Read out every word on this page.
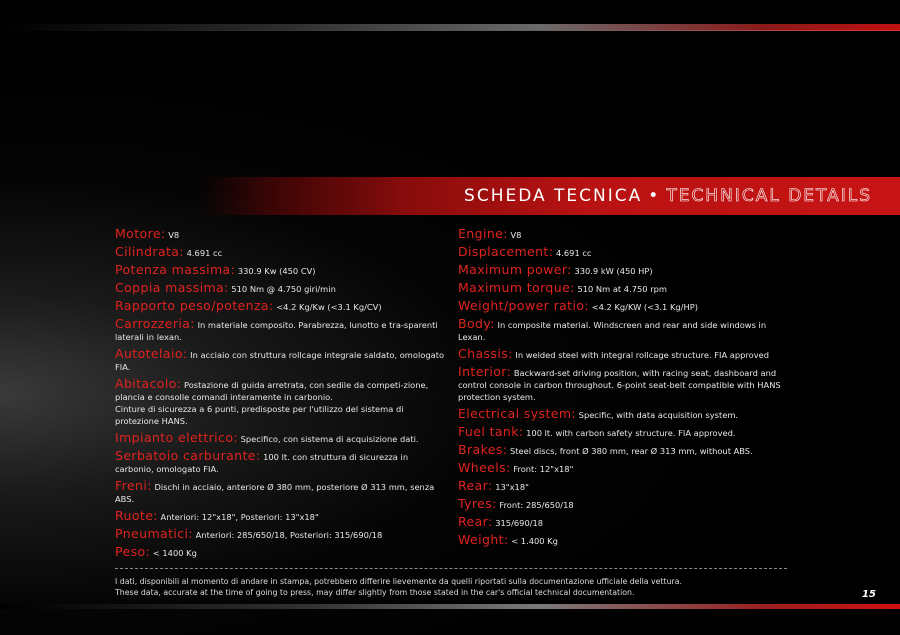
SCHEDA TECNICA • TECHNICAL DETAILS
Motore: V8
Cilindrata: 4.691 cc
Potenza massima: 330.9 Kw (450 CV)
Coppia massima: 510 Nm @ 4.750 giri/min
Rapporto peso/potenza: <4.2 Kg/Kw (<3.1 Kg/CV)
Carrozzeria: In materiale composito. Parabrezza, lunotto e tra-sparenti laterali in lexan.
Autotelaio: In acciaio con struttura rollcage integrale saldato, omologato FIA.
Abitacolo: Postazione di guida arretrata, con sedile da competi-zione, plancia e consolle comandi interamente in carbonio.
Cinture di sicurezza a 6 punti, predisposte per l'utilizzo del sistema di protezione HANS.
Impianto elettrico: Specifico, con sistema di acquisizione dati.
Serbatoio carburante: 100 lt. con struttura di sicurezza in carbonio, omologato FIA.
Freni: Dischi in acciaio, anteriore Ø 380 mm, posteriore Ø 313 mm, senza ABS.
Ruote: Anteriori: 12"x18", Posteriori: 13"x18"
Pneumatici: Anteriori: 285/650/18, Posteriori: 315/690/18
Peso: < 1400 Kg
Engine: V8
Displacement: 4.691 cc
Maximum power: 330.9 kW (450 HP)
Maximum torque: 510 Nm at 4.750 rpm
Weight/power ratio: <4.2 Kg/KW (<3.1 Kg/HP)
Body: In composite material. Windscreen and rear and side windows in Lexan.
Chassis: In welded steel with integral rollcage structure. FIA approved
Interior: Backward-set driving position, with racing seat, dashboard and control console in carbon throughout. 6-point seat-belt compatible with HANS protection system.
Electrical system: Specific, with data acquisition system.
Fuel tank: 100 lt. with carbon safety structure. FIA approved.
Brakes: Steel discs, front Ø 380 mm, rear Ø 313 mm, without ABS.
Wheels: Front: 12"x18"
Rear: 13"x18"
Tyres: Front: 285/650/18
Rear: 315/690/18
Weight: < 1.400 Kg
I dati, disponibili al momento di andare in stampa, potrebbero differire lievemente da quelli riportati sulla documentazione ufficiale della vettura.
These data, accurate at the time of going to press, may differ slightly from those stated in the car's official technical documentation.	15
